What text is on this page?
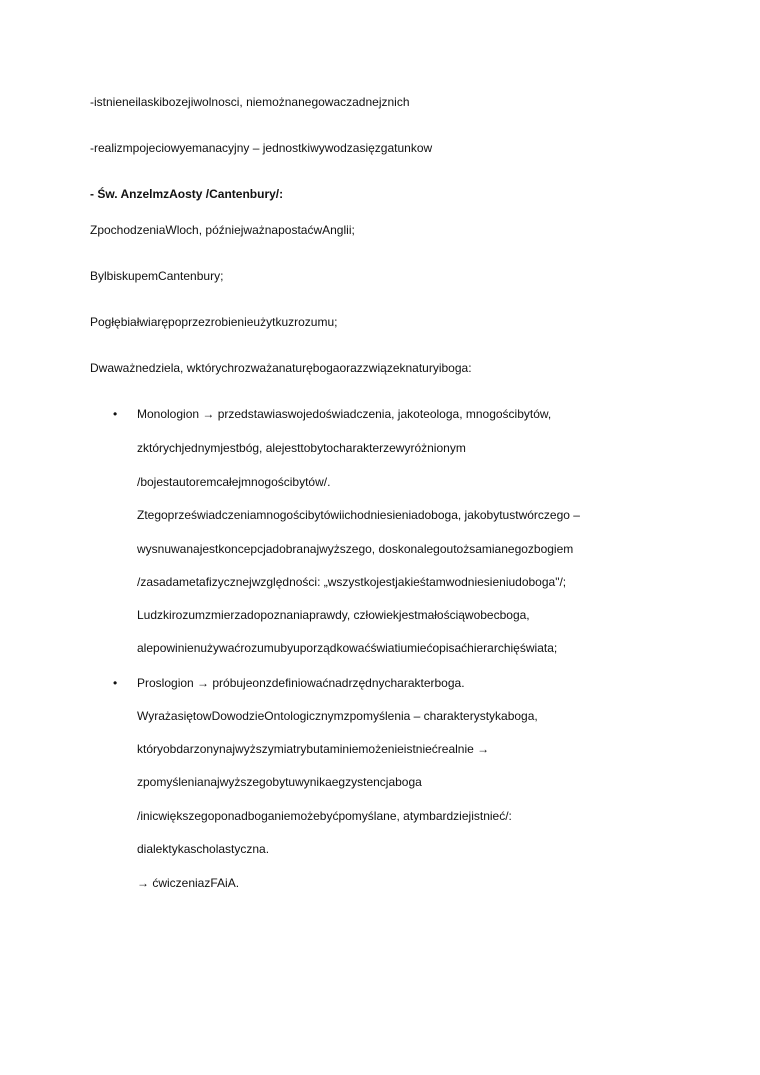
-istnieneilaskibozejiwolnosci, niemożnanegowaczadnejznich
-realizmpojeciowyemanacyjny – jednostkiwywodzasięzgatunkow
- Św. AnzelmzAosty /Cantenbury/:
ZpochodzeniaWloch, późniejważnapostaćwAnglii;
BylbiskupemCantenbury;
Pogłębiałwiarępoprzezrobienieużytkuzrozumu;
Dwaważnedziela, wktórychrozważanaturębogaorazzwiązeknaturyiboga:
• Monologion → przedstawiaswojedoświadczenia, jakoteologa, mnogościbytów,
zktórychjednymjestbóg, alejesttobytocharakterzewyróżnionym
/bojestautoremcałejmnogościbytów/.
Ztegoprzeświadczeniamnogościbytówiichodniesieniadoboga, jakobytustwórczego –
wysnuwanajestkoncepcjadobranajwyższego, doskonalegoutożsamianegozbogiem
/zasadametafizycznejwzględności: „wszystkojestjakieśtamwodniesieniudoboga"/;
Ludzkirozumzmierzadopoznaniaprawdy, człowiekjestmałościąwobecboga,
alepowinienużywaćrozumubyuporządkowaćświatiumiećopisaćhierarchięświata;
• Proslogion → próbujeonzdefiniowaćnadrzędnycharakterboga.
WyrażasiętowDowodzieOntologicznymzpomyślenia – charakterystykaboga,
któryobdarzonynajwyższymiatrybutaminiemożenieistniećrealnie →
zpomyślenianajwyższegobytuwynikaegzystencjaboga
/inicwiększegoponadboganiemożebyćpomyślane, atymbardziejistnieć/:
dialektykascholastyczna.
→ ćwiczeniazFAiA.
